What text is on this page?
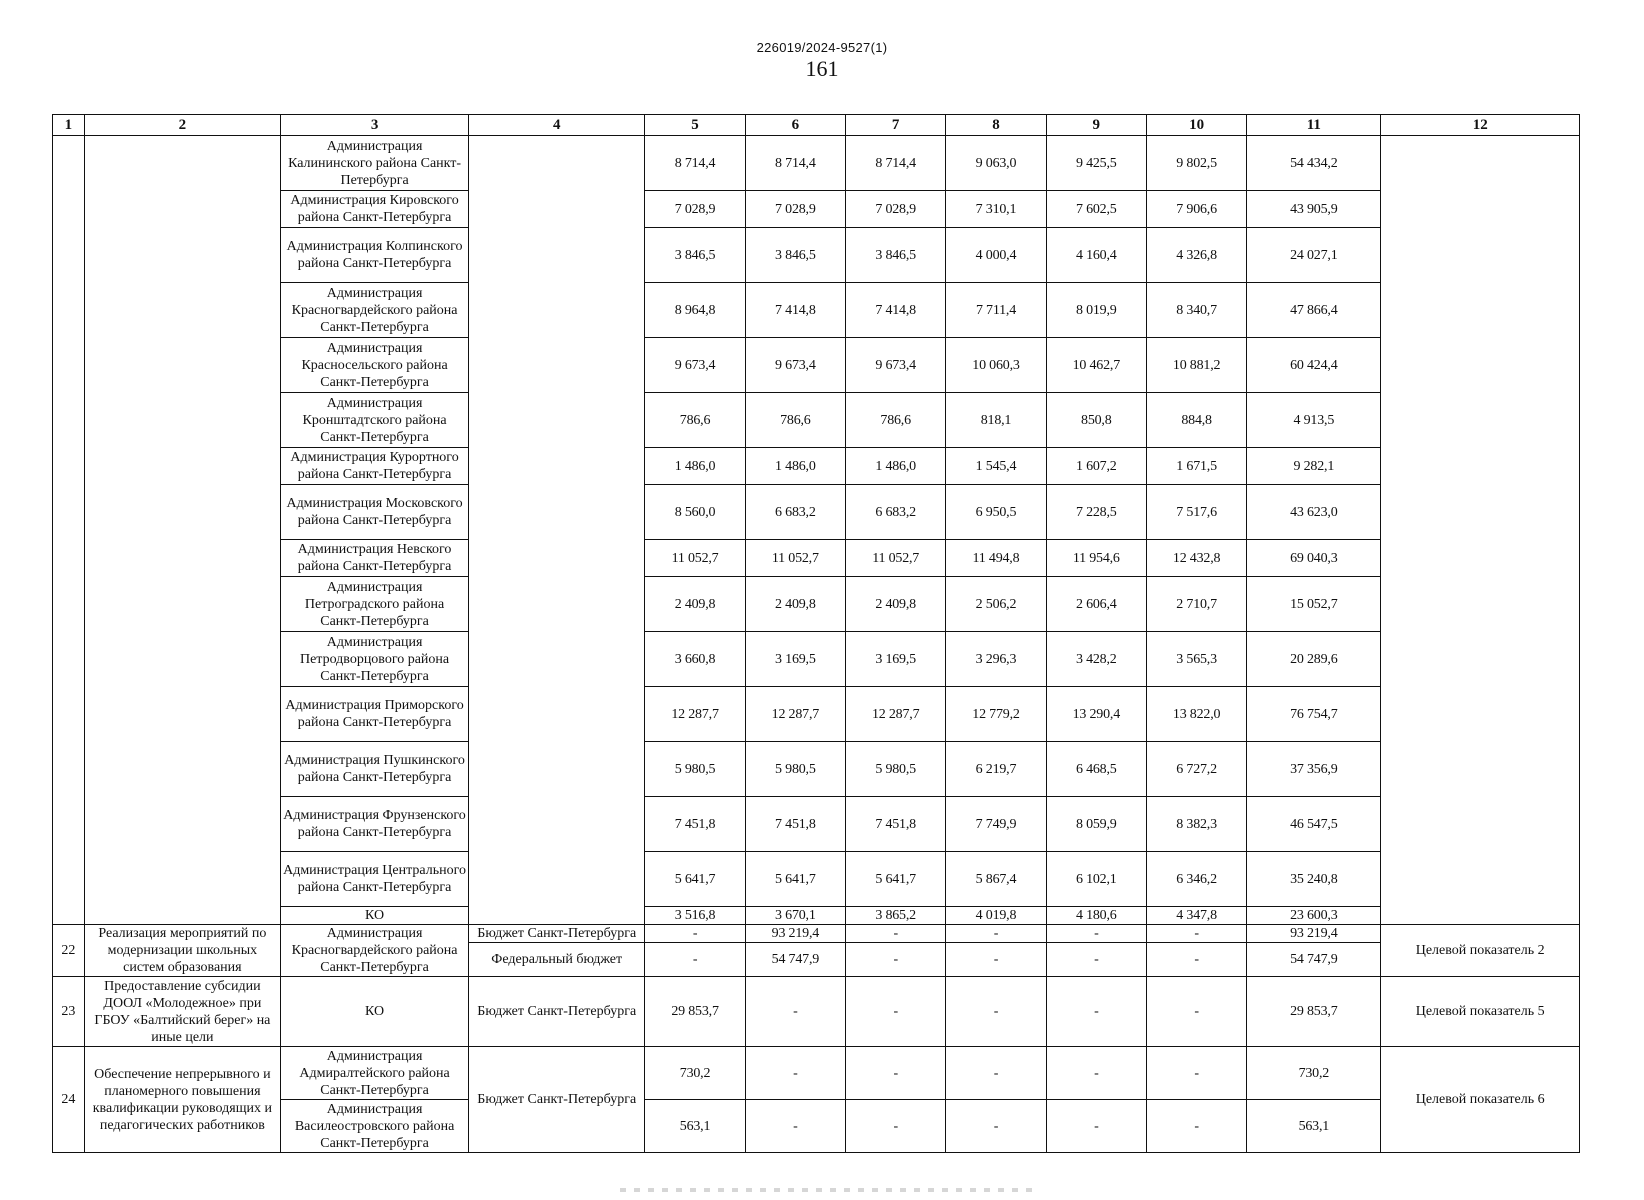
226019/2024-9527(1)
161
1	2	3	4	5	6	7	8	9	10	11	12
		Администрация Калининского района Санкт-Петербурга		8 714,4	8 714,4	8 714,4	9 063,0	9 425,5	9 802,5	54 434,2	
		Администрация Кировского района Санкт-Петербурга		7 028,9	7 028,9	7 028,9	7 310,1	7 602,5	7 906,6	43 905,9	
		Администрация Колпинского района Санкт-Петербурга		3 846,5	3 846,5	3 846,5	4 000,4	4 160,4	4 326,8	24 027,1	
		Администрация Красногвардейского района Санкт-Петербурга		8 964,8	7 414,8	7 414,8	7 711,4	8 019,9	8 340,7	47 866,4	
		Администрация Красносельского района Санкт-Петербурга		9 673,4	9 673,4	9 673,4	10 060,3	10 462,7	10 881,2	60 424,4	
		Администрация Кронштадтского района Санкт-Петербурга		786,6	786,6	786,6	818,1	850,8	884,8	4 913,5	
		Администрация Курортного района Санкт-Петербурга		1 486,0	1 486,0	1 486,0	1 545,4	1 607,2	1 671,5	9 282,1	
		Администрация Московского района Санкт-Петербурга		8 560,0	6 683,2	6 683,2	6 950,5	7 228,5	7 517,6	43 623,0	
		Администрация Невского района Санкт-Петербурга		11 052,7	11 052,7	11 052,7	11 494,8	11 954,6	12 432,8	69 040,3	
		Администрация Петроградского района Санкт-Петербурга		2 409,8	2 409,8	2 409,8	2 506,2	2 606,4	2 710,7	15 052,7	
		Администрация Петродворцового района Санкт-Петербурга		3 660,8	3 169,5	3 169,5	3 296,3	3 428,2	3 565,3	20 289,6	
		Администрация Приморского района Санкт-Петербурга		12 287,7	12 287,7	12 287,7	12 779,2	13 290,4	13 822,0	76 754,7	
		Администрация Пушкинского района Санкт-Петербурга		5 980,5	5 980,5	5 980,5	6 219,7	6 468,5	6 727,2	37 356,9	
		Администрация Фрунзенского района Санкт-Петербурга		7 451,8	7 451,8	7 451,8	7 749,9	8 059,9	8 382,3	46 547,5	
		Администрация Центрального района Санкт-Петербурга		5 641,7	5 641,7	5 641,7	5 867,4	6 102,1	6 346,2	35 240,8	
		КО		3 516,8	3 670,1	3 865,2	4 019,8	4 180,6	4 347,8	23 600,3	
22	Реализация мероприятий по модернизации школьных систем образования	Администрация Красногвардейского района Санкт-Петербурга	Бюджет Санкт-Петербурга	-	93 219,4	-	-	-	-	93 219,4	Целевой показатель 2
			Федеральный бюджет	-	54 747,9	-	-	-	-	54 747,9	
23	Предоставление субсидии ДООЛ «Молодежное» при ГБОУ «Балтийский берег» на иные цели	КО	Бюджет Санкт-Петербурга	29 853,7	-	-	-	-	-	29 853,7	Целевой показатель 5
24	Обеспечение непрерывного и планомерного повышения квалификации руководящих и педагогических работников	Администрация Адмиралтейского района Санкт-Петербурга	Бюджет Санкт-Петербурга	730,2	-	-	-	-	-	730,2	Целевой показатель 6
		Администрация Василеостровского района Санкт-Петербурга		563,1	-	-	-	-	-	563,1	
